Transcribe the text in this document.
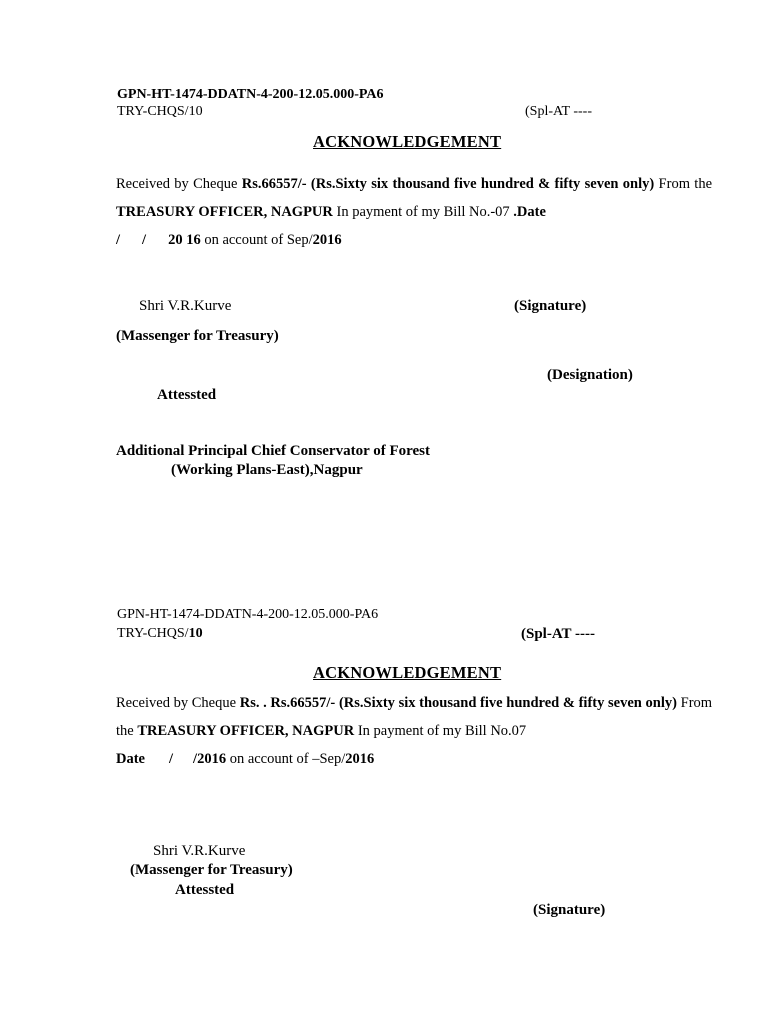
GPN-HT-1474-DDATN-4-200-12.05.000-PA6
TRY-CHQS/10	(Spl-AT ----
ACKNOWLEDGEMENT
Received by Cheque Rs.66557/- (Rs.Sixty six thousand five hundred & fifty seven only) From the TREASURY OFFICER, NAGPUR In payment of my Bill No.-07 .Date
/ / 20 16 on account of Sep/2016
Shri V.R.Kurve	(Signature)
(Massenger for Treasury)
(Designation)
Attessted
Additional Principal Chief Conservator of Forest
(Working Plans-East),Nagpur
GPN-HT-1474-DDATN-4-200-12.05.000-PA6
TRY-CHQS/10	(Spl-AT ----
ACKNOWLEDGEMENT
Received by Cheque Rs. . Rs.66557/- (Rs.Sixty six thousand five hundred & fifty seven only) From the TREASURY OFFICER, NAGPUR In payment of my Bill No.07
Date / /2016 on account of –Sep/2016
Shri V.R.Kurve
(Massenger for Treasury)
Attessted
(Signature)
